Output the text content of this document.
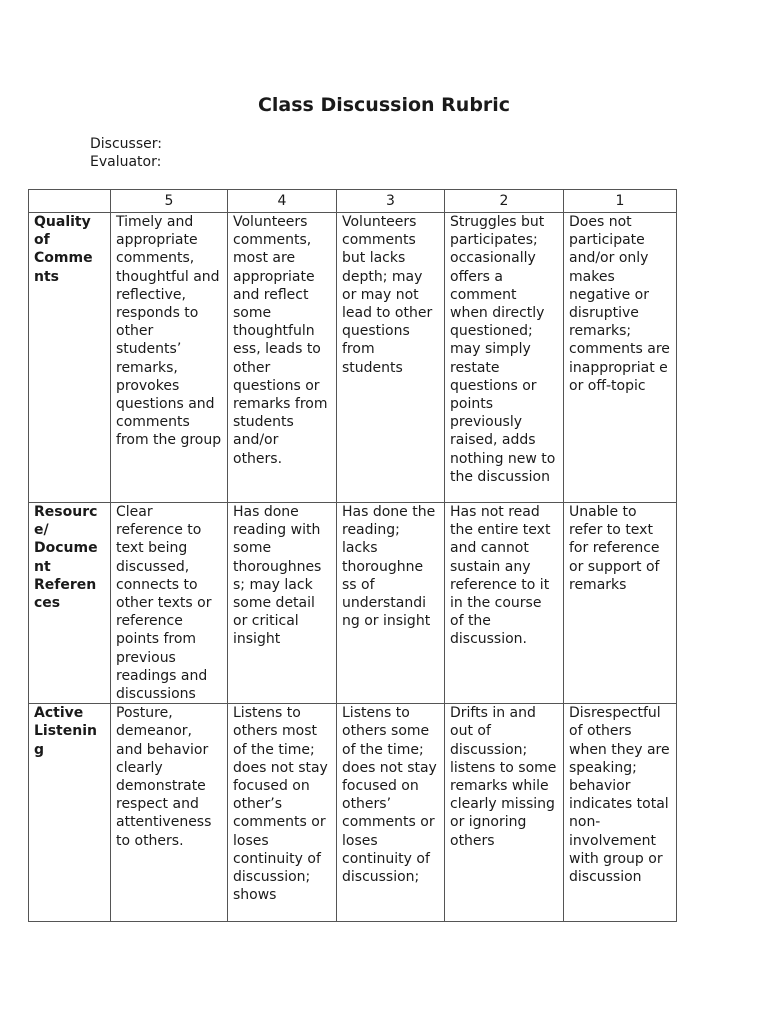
Class Discussion Rubric
Discusser:
Evaluator:
	5	4	3	2	1
Quality of Comme nts	Timely and appropriate comments, thoughtful and reflective, responds to other students’ remarks, provokes questions and comments from the group	Volunteers comments, most are appropriate and reflect some thoughtfuln ess, leads to other questions or remarks from students and/or others.	Volunteers comments but lacks depth; may or may not lead to other questions from students	Struggles but participates; occasionally offers a comment when directly questioned; may simply restate questions or points previously raised, adds nothing new to the discussion	Does not participate and/or only makes negative or disruptive remarks; comments are inappropriat e or off-topic
Resourc e/ Document Referen ces	Clear reference to text being discussed, connects to other texts or reference points from previous readings and discussions	Has done reading with some thoroughnes s; may lack some detail or critical insight	Has done the reading; lacks thoroughne ss of understandi ng or insight	Has not read the entire text and cannot sustain any reference to it in the course of the discussion.	Unable to refer to text for reference or support of remarks
Active Listenin g	Posture, demeanor, and behavior clearly demonstrate respect and attentiveness to others.	Listens to others most of the time; does not stay focused on other’s comments or loses continuity of discussion; shows	Listens to others some of the time; does not stay focused on others’ comments or loses continuity of discussion;	Drifts in and out of discussion; listens to some remarks while clearly missing or ignoring others	Disrespectful of others when they are speaking; behavior indicates total non-involvement with group or discussion
